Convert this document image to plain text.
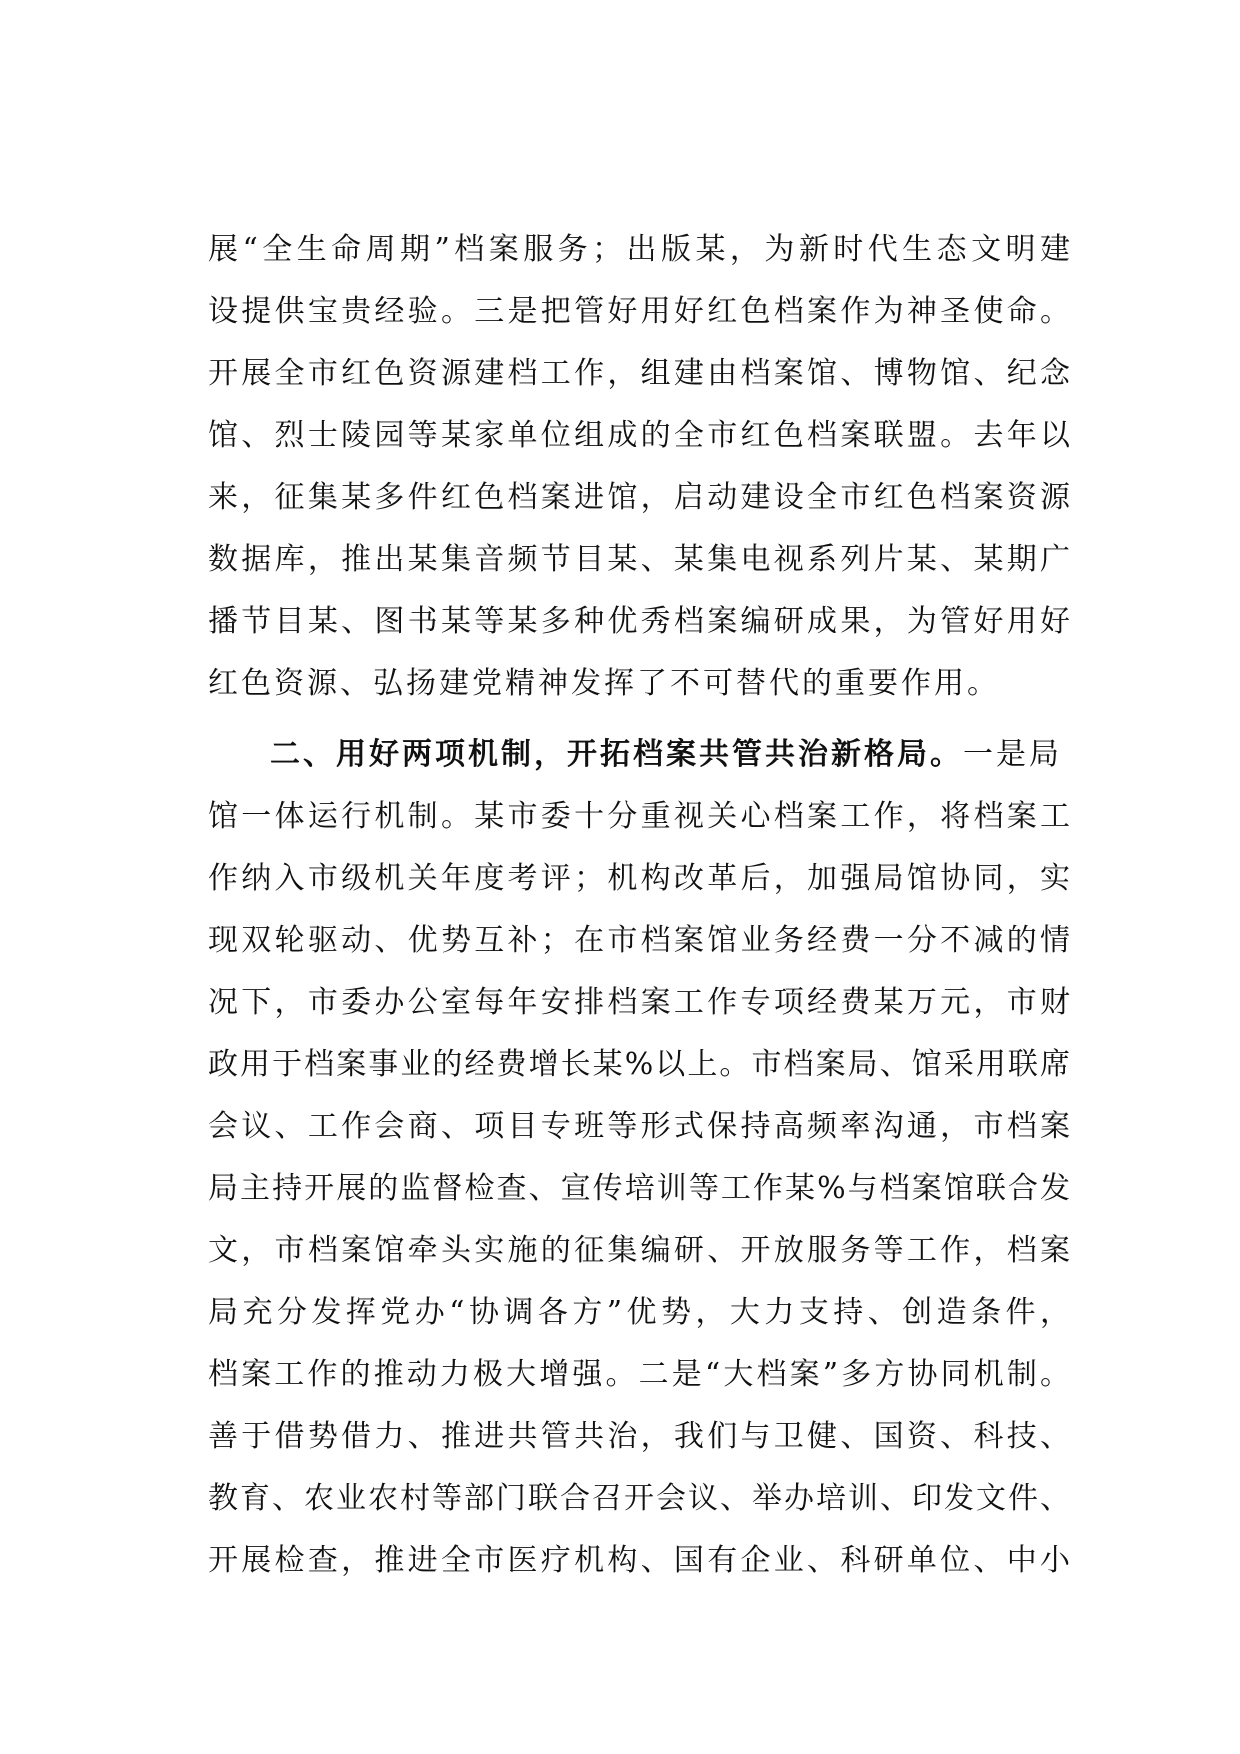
展“全生命周期”档案服务；出版某，为新时代生态文明建
设提供宝贵经验。三是把管好用好红色档案作为神圣使命。
开展全市红色资源建档工作，组建由档案馆、博物馆、纪念
馆、烈士陵园等某家单位组成的全市红色档案联盟。去年以
来，征集某多件红色档案进馆，启动建设全市红色档案资源
数据库，推出某集音频节目某、某集电视系列片某、某期广
播节目某、图书某等某多种优秀档案编研成果，为管好用好
红色资源、弘扬建党精神发挥了不可替代的重要作用。
二、用好两项机制，开拓档案共管共治新格局。一是局
馆一体运行机制。某市委十分重视关心档案工作，将档案工
作纳入市级机关年度考评；机构改革后，加强局馆协同，实
现双轮驱动、优势互补；在市档案馆业务经费一分不减的情
况下，市委办公室每年安排档案工作专项经费某万元，市财
政用于档案事业的经费增长某%以上。市档案局、馆采用联席
会议、工作会商、项目专班等形式保持高频率沟通，市档案
局主持开展的监督检查、宣传培训等工作某%与档案馆联合发
文，市档案馆牵头实施的征集编研、开放服务等工作，档案
局充分发挥党办“协调各方”优势，大力支持、创造条件，
档案工作的推动力极大增强。二是“大档案”多方协同机制。
善于借势借力、推进共管共治，我们与卫健、国资、科技、
教育、农业农村等部门联合召开会议、举办培训、印发文件、
开展检查，推进全市医疗机构、国有企业、科研单位、中小
